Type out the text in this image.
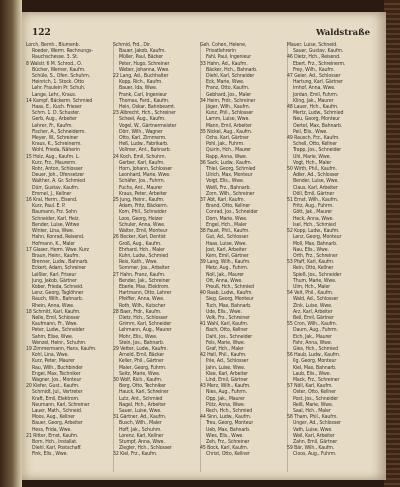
122	Waldstraße
Lorch, Bernh., Blumenb.
Roeder, Werm. Rechnungs-
Rauchschesse. 3. St.
8 Walstr. 6 M. Schrod., O.
Bücher, Werner, Kaufm.
Schüle, S., Ofen. Schuhm.
Heinrich, 1. Stock. Otto
Lehr. Fraulein Pr. Schuh.
Lange, Lehr., Kraus.
14 Kampf, Bäckerm. Schmied
Haas, E., Kuch. Frieser
Schm. 1. D. Schuster.
Gerb, Aug., Arbeiter
Lehrer, Fr., Kaufm.
Fischer, A., Schneiderm.
Meyer, W., Schreiner
Kraus, K., Schreinerm.
Wohl, Frieda, Näherin
15 Holz, Aug., Kaufm. L.
Kurz, Frz., Maurerm.
Rohr, Anton, Schlosser
Deuer, Joh., Ofensetzer
Walther, A. Gr. Schmied
Dürr, Gustav, Kaufm.
Emmel, J., Kellner
16 Kral, Herm., Eisend.
Kurz, Paul. E. P.
Baumann, Frz. Sohn
Schneider, Karl, Heiz.
Bender, Luise, Witwe
Winter, Lina, Wwe.
Hahn, Konrad, Reisend.
Hofmann, K., Maler
17 Glaser, Herm. Wwe. Kurz
Braun, Heinr., Kaufm.
Brenner, Ludw., Bahnarb.
Eckert, Adam, Schreiner
Leißler, Karl, Friseur
Jung, Jakob, Gärtner
Kober, Frieda, Schneid.
Lenz, Georg, Taglöhner
Rauch, Wilh., Bahnarb.
Rhein, Anna, Wwe.
18 Schmitt, Karl, Kaufm.
Nelle, Emil, Schlosser
Kaufmann, Fr., Wwe.
Peter, Ludw., Schneider
Sahm, Elise, Wwe.
Wenzel, Heinr., Schuhm.
19 Zimmermann, Hans, Kaufm.
Kohl, Lina, Wwe.
Kurz, Peter, Maurer
Rau, Wilh., Buchbinder
Engel, Max, Techniker
Wagner, Jos., Monteur
20 Kiefer, Gust., Kaufm.
Schmidt, Jul., Vertreter
Kraft, Emil, Elektrom.
Neumann, Karl, Schreiner
Lauer, Math., Schneid.
Moos, Aug., Kellner
Bauer, Georg, Arbeiter
Hess, Frida, Wwe.
21 Ritter, Ernst, Kaufm.
Born, Hch., Installat.
Diehl, Karl, Postschaff.
Fink, Elis., Wwe.
Schmid, Frd., Dir.
Bauer, Jakob, Kaufm.
Müller, Paul, Bäcker
Peter, Hugo, Schreiner
Weber, Johanna, Wwe.
22 Lang, Ad., Buchhalter
Kopp, Rich., Kaufm.
Bauer, Ida, Wwe.
Frank, Carl, Ingenieur
Thomas, Ferd., Kaufm.
Hein, Oskar, Bahnbeamt.
23 Albrecht, Hch., Schreiner
Scheel, Aug., Kaufm.
Vogel, W., Gärtnermeister
Dörr, Wilh., Wagner
Otto, Karl, Zimmerm.
Heß, Ludw., Fabrikarb.
Vollmer, Ant., Bahnarb.
24 Koch, Emil, Schuhm.
Gerber, Karl, Kaufm.
Horn, Johann, Schlosser
Leonhard, Marie, Wwe.
Schäfer, Jos., Fuhrm.
Fuchs, Ant., Maurer
Kraus, Peter, Arbeiter
25 Jung, Heinr., Kaufm.
Adam, Fritz, Bäckerm.
Korn, Phil., Schneider
Loos, Georg, Heizer
Schuler, Anna, Wwe.
Walter, Emil, Monteur
26 Becker, Karl, Dentist
Groß, Aug., Kaufm.
Ehrhard, Hch., Maler
Kuhn, Ludw., Schmied
Reis, Kath., Wwe.
Sommer, Jos., Arbeiter
27 Hahn, Franz, Kaufm.
Bender, Jak., Schreiner
Eberle, Max, Elektrom.
Hartmann, Otto, Lehrer
Pfeiffer, Anna, Wwe.
Roth, Wilh., Kutscher
28 Baer, Frdr., Kaufm.
Dietz, Hch., Schlosser
Grimm, Karl, Schneider
Lehmann, Aug., Maurer
Mohr, Elis., Wwe.
Stein, Jos., Bahnarb.
29 Vetter, Ludw., Kaufm.
Arnold, Emil, Bäcker
Keller, Phil., Gärtner
Maier, Georg, Fuhrm.
Seitz, Marie, Wwe.
30 Wolf, Rich., Kaufm.
Berg, Otto, Techniker
Hauck, Karl, Schreiner
Lutz, Ant., Schmied
Nagel, Hch., Arbeiter
Sauer, Luise, Wwe.
31 Gärtner, Ad., Kaufm.
Busch, Wilh., Maler
Hoff, Jak., Schuhm.
Lorenz, Karl, Kellner
Stumpf, Anna, Wwe.
Ziegler, Hch., Schlosser
32 Kiel, Frz., Kaufm.
Geh. Cohen, Helene,
Privatlehrerin
Fahl, Paul, Ingenieur
33 Hahn, Ad., Kaufm.
Bäcker, Hch., Bahnarb.
Diehl, Karl, Schneider
Eck, Marie, Wwe.
Franz, Otto, Kaufm.
Gebhard, Jos., Maler
34 Heim, Frdr., Schreiner
Jäger, Wilh., Kaufm.
Kunz, Phil., Schlosser
Lamm, Luise, Wwe.
Mann, Emil, Arbeiter
35 Nickel, Aug., Kaufm.
Ochs, Karl, Gärtner
Pohl, Jak., Fuhrm.
Quirin, Hch., Maurer
Rapp, Anna, Wwe.
36 Sack, Ludw., Kaufm.
Thiel, Georg, Schmied
Ulrich, Max, Monteur
Voigt, Elis., Wwe.
Weiß, Frz., Bahnarb.
Zorn, Wilh., Schreiner
37 Abt, Karl, Kaufm.
Brand, Otto, Kellner
Conrad, Jos., Schneider
Dorn, Marie, Wwe.
Engel, Hch., Maler
38 Faust, Phil., Kaufm.
Gut, Ad., Schlosser
Haas, Luise, Wwe.
Jost, Karl, Arbeiter
Kern, Emil, Gärtner
39 Lang, Wilh., Kaufm.
Metz, Aug., Fuhrm.
Noll, Jak., Maurer
Ott, Anna, Wwe.
Preuß, Hch., Schmied
40 Raab, Ludw., Kaufm.
Sieg, Georg, Monteur
Tuch, Max, Bahnarb.
Ude, Elis., Wwe.
Volk, Frz., Schreiner
41 Wahl, Karl, Kaufm.
Bach, Otto, Kellner
Dahl, Jos., Schneider
Fels, Marie, Wwe.
Graf, Hch., Maler
42 Hell, Phil., Kaufm.
Ihle, Ad., Schlosser
Jahn, Luise, Wwe.
Klee, Karl, Arbeiter
Lind, Emil, Gärtner
43 Merz, Wilh., Kaufm.
Nies, Aug., Fuhrm.
Opp, Jak., Maurer
Pütz, Anna, Wwe.
Rech, Hch., Schmied
44 Sinn, Ludw., Kaufm.
Treu, Georg, Monteur
Ueb, Max, Bahnarb.
Wies, Elis., Wwe.
Zeh, Frz., Schreiner
45 Bock, Karl, Kaufm.
Christ, Otto, Kellner
Mauer, Luise, Schneid.
Sauer, Gustav, Kaufm.
46 Dietz, Hch., Reisend.
Ebert, Frz., Schreinerm.
Frey, Wilh., Kaufm.
47 Geier, Ad., Schlosser
Hartung, Karl, Gärtner
Imhof, Anna, Wwe.
Jordan, Emil, Fuhrm.
Kling, Jak., Maurer
48 Lauer, Hch., Kaufm.
Mertz, Ludw., Schmied
Neu, Georg, Monteur
Oertel, Max, Bahnarb.
Peil, Elis., Wwe.
49 Rausch, Frz., Kaufm.
Schell, Otto, Kellner
Trapp, Jos., Schneider
Uhl, Marie, Wwe.
Vogt, Hch., Maler
50 Wirth, Phil., Kaufm.
Adler, Ad., Schlosser
Bender, Luise, Wwe.
Claus, Karl, Arbeiter
Döll, Emil, Gärtner
51 Ernst, Wilh., Kaufm.
Fritz, Aug., Fuhrm.
Gött, Jak., Maurer
Heck, Anna, Wwe.
Isel, Hch., Schmied
52 Kopp, Ludw., Kaufm.
Lenz, Georg, Monteur
Moll, Max, Bahnarb.
Nau, Elis., Wwe.
Orth, Frz., Schreiner
53 Pfaff, Karl, Kaufm.
Rein, Otto, Kellner
Spieß, Jos., Schneider
Thum, Marie, Wwe.
Ulm, Hch., Maler
54 Veit, Phil., Kaufm.
Wald, Ad., Schlosser
Zink, Luise, Wwe.
Arz, Karl, Arbeiter
Beil, Emil, Gärtner
55 Cron, Wilh., Kaufm.
Daum, Aug., Fuhrm.
Eich, Jak., Maurer
Fahr, Anna, Wwe.
Gies, Hch., Schmied
56 Haub, Ludw., Kaufm.
Ilg, Georg, Monteur
Kiel, Max, Bahnarb.
Laub, Elis., Wwe.
Mack, Frz., Schreiner
57 Nöll, Karl, Kaufm.
Oster, Otto, Kellner
Post, Jos., Schneider
Reiß, Marie, Wwe.
Saal, Hch., Maler
58 Tham, Phil., Kaufm.
Unger, Ad., Schlosser
Vath, Luise, Wwe.
Weil, Karl, Arbeiter
Zahn, Emil, Gärtner
59 Bär, Wilh., Kaufm.
Cloos, Aug., Fuhrm.
